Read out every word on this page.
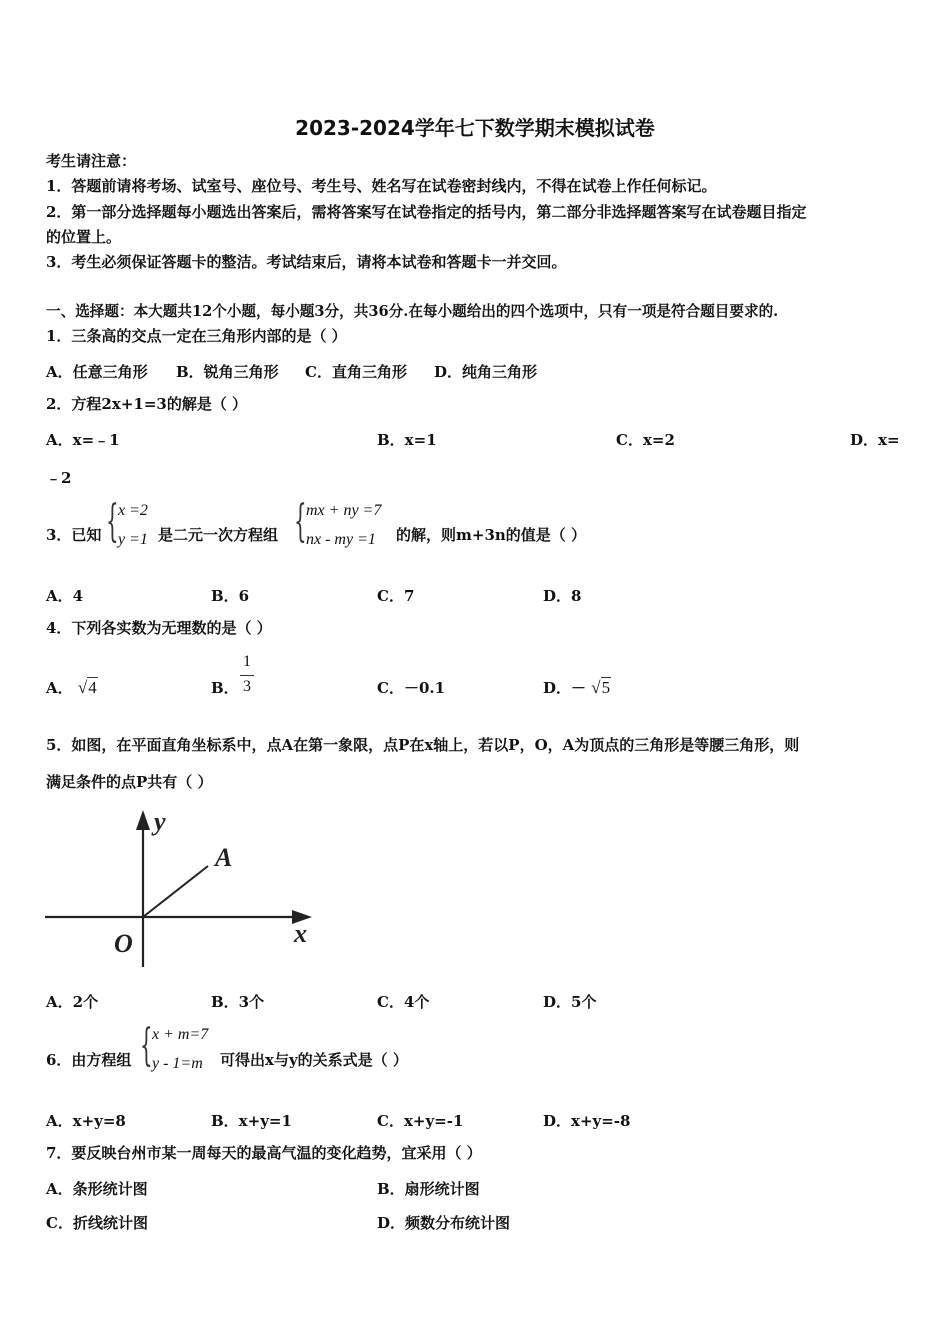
2023-2024学年七下数学期末模拟试卷
考生请注意：
1．答题前请将考场、试室号、座位号、考生号、姓名写在试卷密封线内，不得在试卷上作任何标记。
2．第一部分选择题每小题选出答案后，需将答案写在试卷指定的括号内，第二部分非选择题答案写在试卷题目指定
的位置上。
3．考生必须保证答题卡的整洁。考试结束后，请将本试卷和答题卡一并交回。
一、选择题：本大题共12个小题，每小题3分，共36分.在每小题给出的四个选项中，只有一项是符合题目要求的.
1．三条高的交点一定在三角形内部的是（ ）
A．任意三角形 B．锐角三角形 C．直角三角形 D．纯角三角形
2．方程2x+1=3的解是（ ）
A．x=﹣1	B．x=1	C．x=2	D．x=
﹣2
3．已知 { x =2
y =1 是二元一次方程组 { mx + ny =7
nx - my =1 的解，则m+3n的值是（ ）
A．4	B．6	C．7	D．8
4．下列各实数为无理数的是（ ）
A． √4	B．
1
3	C．－0.1	D．－ √5
5．如图，在平面直角坐标系中，点A在第一象限，点P在x轴上，若以P，O，A为顶点的三角形是等腰三角形，则
满足条件的点P共有（ ）
y
x
O
A
A．2个	B．3个	C．4个	D．5个
6．由方程组 { x + m=7
y - 1=m 可得出x与y的关系式是（ ）
A．x+y=8	B．x+y=1	C．x+y=-1	D．x+y=-8
7．要反映台州市某一周每天的最高气温的变化趋势，宜采用（ ）
A．条形统计图	B．扇形统计图
C．折线统计图	D．频数分布统计图
